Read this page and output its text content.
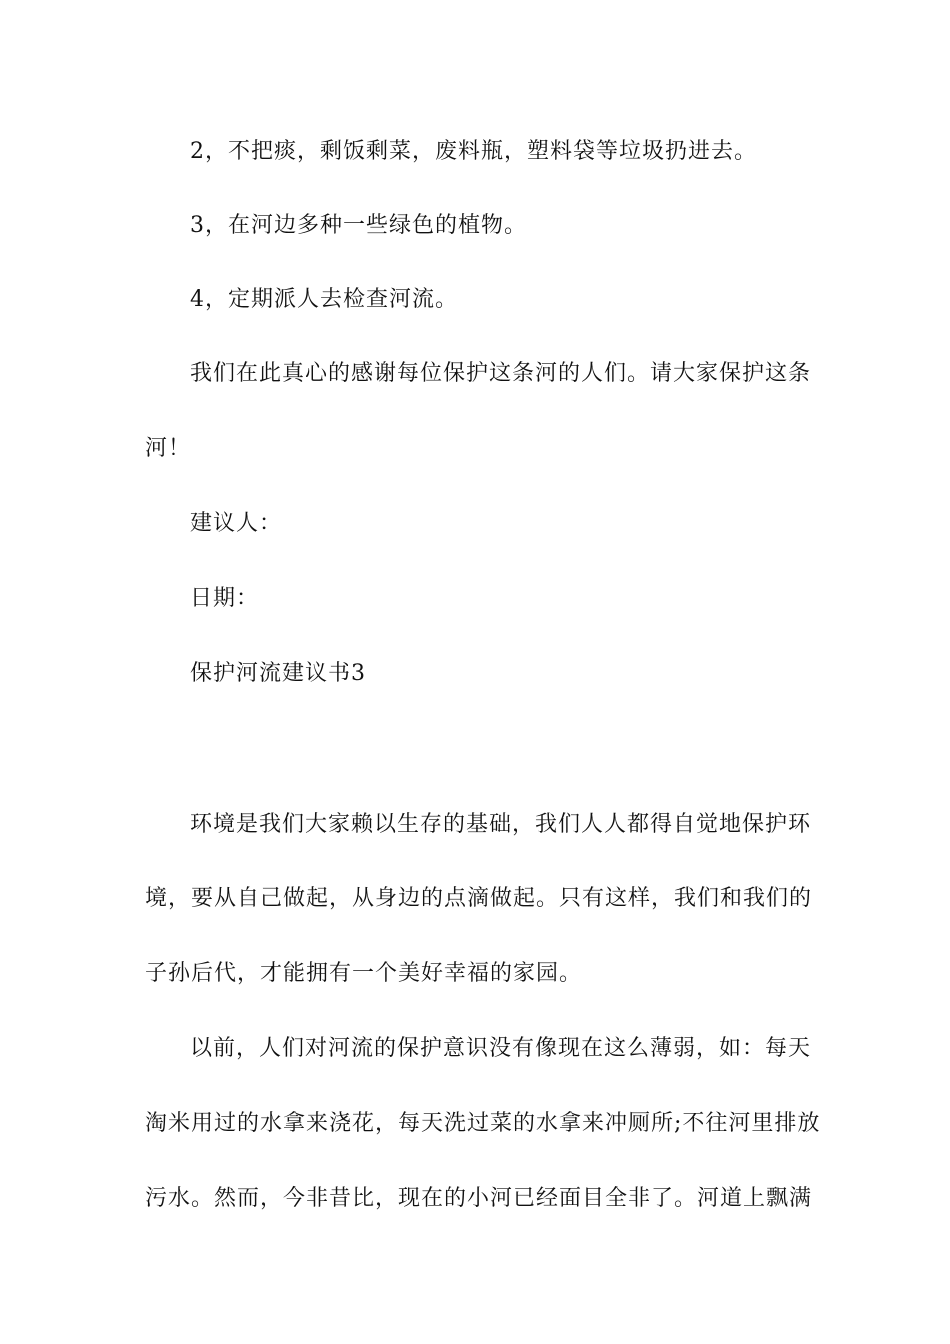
2，不把痰，剩饭剩菜，废料瓶，塑料袋等垃圾扔进去。
3，在河边多种一些绿色的植物。
4，定期派人去检查河流。
我们在此真心的感谢每位保护这条河的人们。请大家保护这条
河！
建议人：
日期：
保护河流建议书3
环境是我们大家赖以生存的基础，我们人人都得自觉地保护环
境，要从自己做起，从身边的点滴做起。只有这样，我们和我们的
子孙后代，才能拥有一个美好幸福的家园。
以前，人们对河流的保护意识没有像现在这么薄弱，如：每天
淘米用过的水拿来浇花，每天洗过菜的水拿来冲厕所;不往河里排放
污水。然而，今非昔比，现在的小河已经面目全非了。河道上飘满
